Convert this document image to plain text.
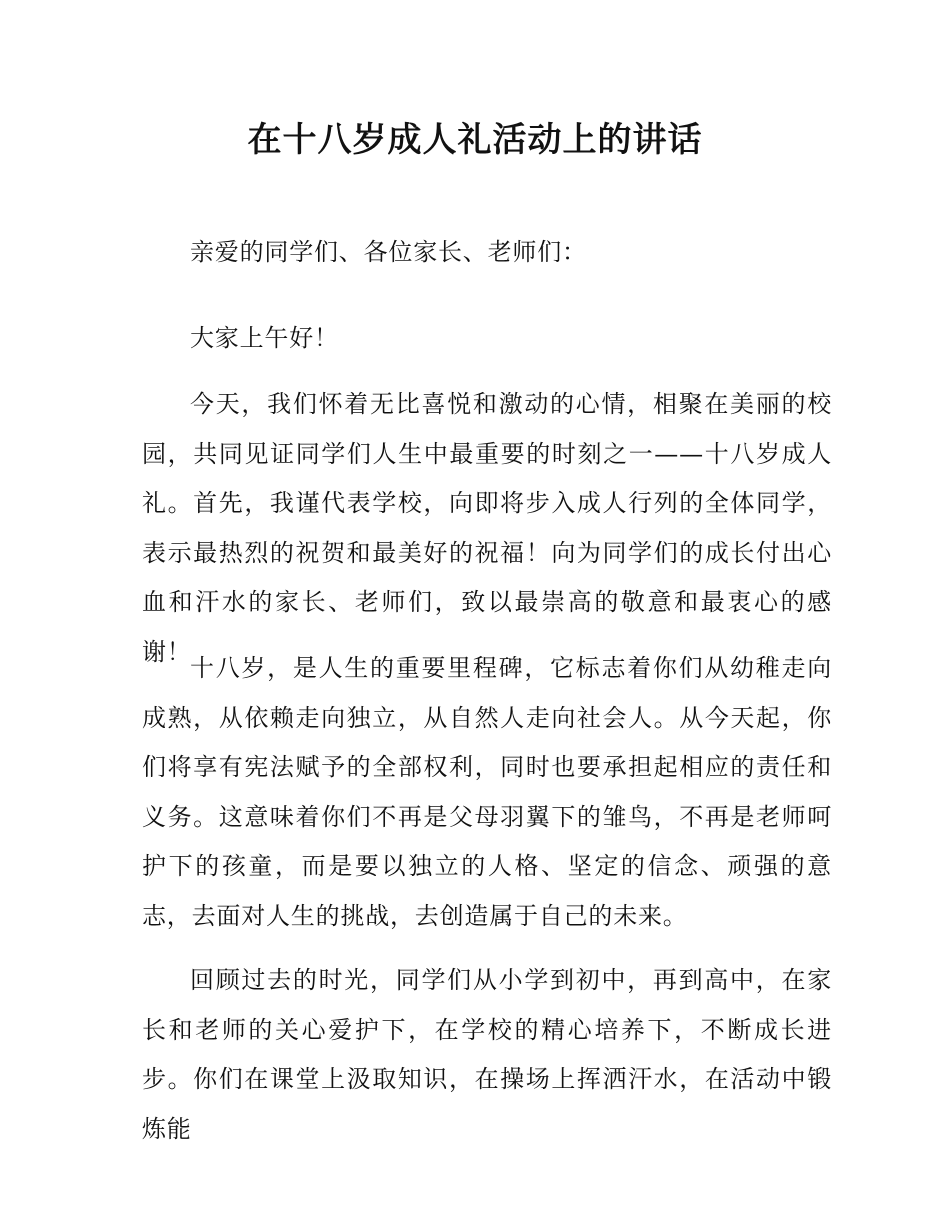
在十八岁成人礼活动上的讲话

亲爱的同学们、各位家长、老师们：

大家上午好！

今天，我们怀着无比喜悦和激动的心情，相聚在美丽的校园，共同见证同学们人生中最重要的时刻之一——十八岁成人礼。首先，我谨代表学校，向即将步入成人行列的全体同学，表示最热烈的祝贺和最美好的祝福！向为同学们的成长付出心血和汗水的家长、老师们，致以最崇高的敬意和最衷心的感谢！

十八岁，是人生的重要里程碑，它标志着你们从幼稚走向成熟，从依赖走向独立，从自然人走向社会人。从今天起，你们将享有宪法赋予的全部权利，同时也要承担起相应的责任和义务。这意味着你们不再是父母羽翼下的雏鸟，不再是老师呵护下的孩童，而是要以独立的人格、坚定的信念、顽强的意志，去面对人生的挑战，去创造属于自己的未来。

回顾过去的时光，同学们从小学到初中，再到高中，在家长和老师的关心爱护下，在学校的精心培养下，不断成长进步。你们在课堂上汲取知识，在操场上挥洒汗水，在活动中锻炼能
